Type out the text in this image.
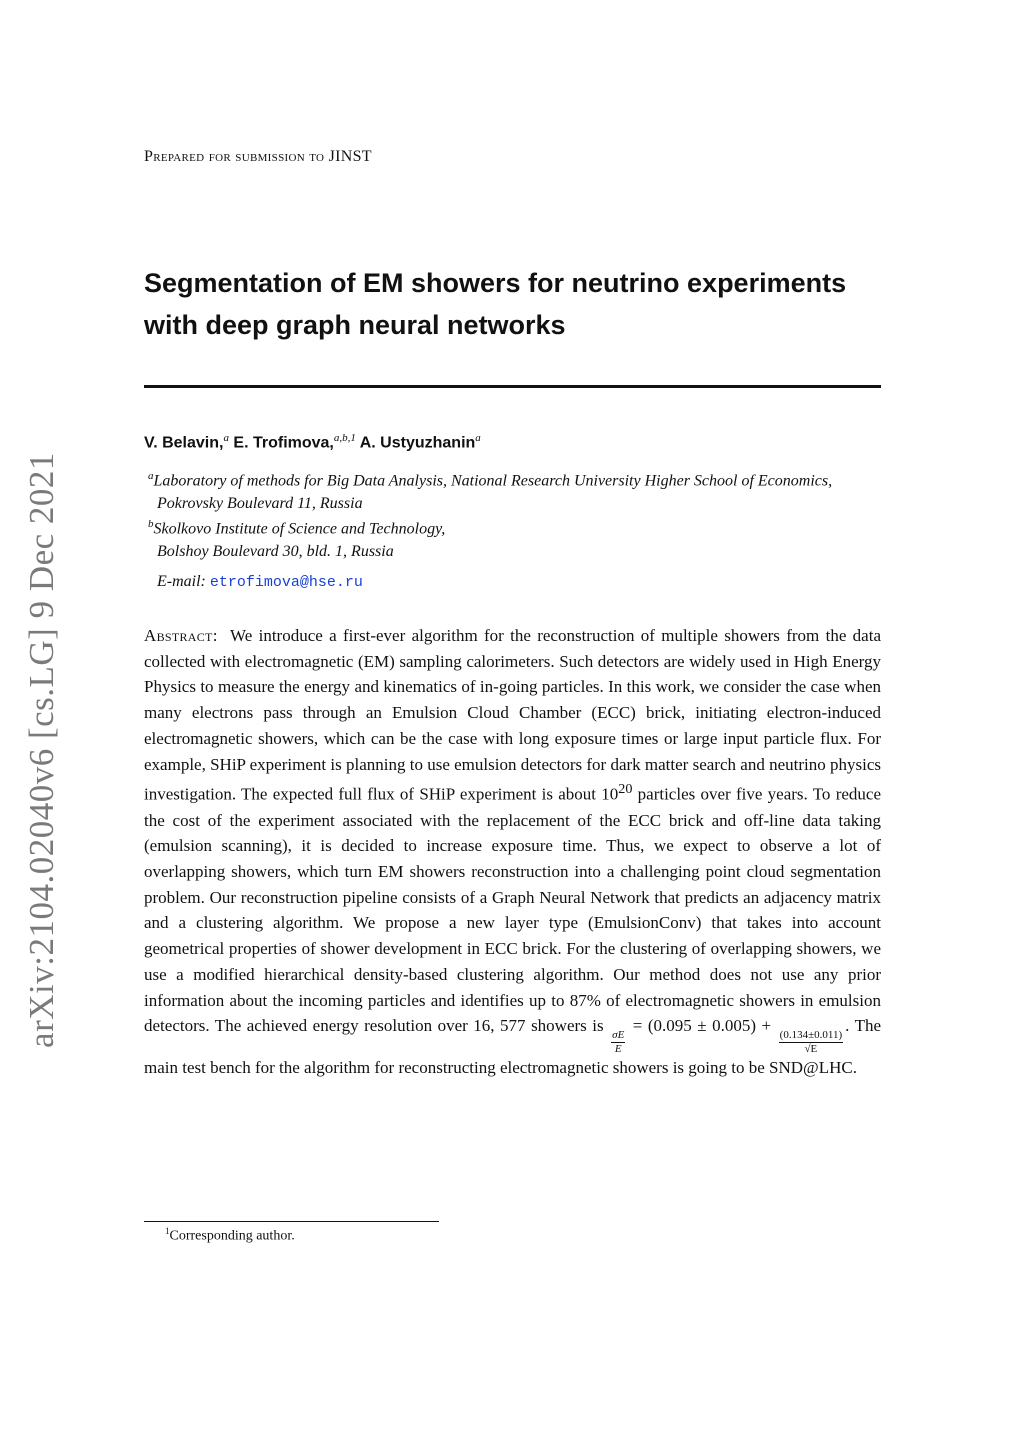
arXiv:2104.02040v6 [cs.LG] 9 Dec 2021
Prepared for submission to JINST
Segmentation of EM showers for neutrino experiments
with deep graph neural networks
V. Belavin,$^a$ E. Trofimova,$^{a,b,1}$ A. Ustyuzhanin$^a$
$^a$Laboratory of methods for Big Data Analysis, National Research University Higher School of Economics,
Pokrovsky Boulevard 11, Russia
$^b$Skolkovo Institute of Science and Technology,
Bolshoy Boulevard 30, bld. 1, Russia
E-mail: etrofimova@hse.ru
Abstract: We introduce a first-ever algorithm for the reconstruction of multiple showers from the data collected with electromagnetic (EM) sampling calorimeters. Such detectors are widely used in High Energy Physics to measure the energy and kinematics of in-going particles. In this work, we consider the case when many electrons pass through an Emulsion Cloud Chamber (ECC) brick, initiating electron-induced electromagnetic showers, which can be the case with long exposure times or large input particle flux. For example, SHiP experiment is planning to use emulsion detectors for dark matter search and neutrino physics investigation. The expected full flux of SHiP experiment is about $10^{20}$ particles over five years. To reduce the cost of the experiment associated with the replacement of the ECC brick and off-line data taking (emulsion scanning), it is decided to increase exposure time. Thus, we expect to observe a lot of overlapping showers, which turn EM showers reconstruction into a challenging point cloud segmentation problem. Our reconstruction pipeline consists of a Graph Neural Network that predicts an adjacency matrix and a clustering algorithm. We propose a new layer type (EmulsionConv) that takes into account geometrical properties of shower development in ECC brick. For the clustering of overlapping showers, we use a modified hierarchical density-based clustering algorithm. Our method does not use any prior information about the incoming particles and identifies up to 87% of electromagnetic showers in emulsion detectors. The achieved energy resolution over 16, 577 showers is
$\frac{\sigma E}{E}$
= (0.095 ± 0.005) +
$\frac{(0.134\pm 0.011)}{√E}$
. The main test bench for the algorithm for reconstructing electromagnetic showers is going to be SND@LHC.
$^1$Corresponding author.
